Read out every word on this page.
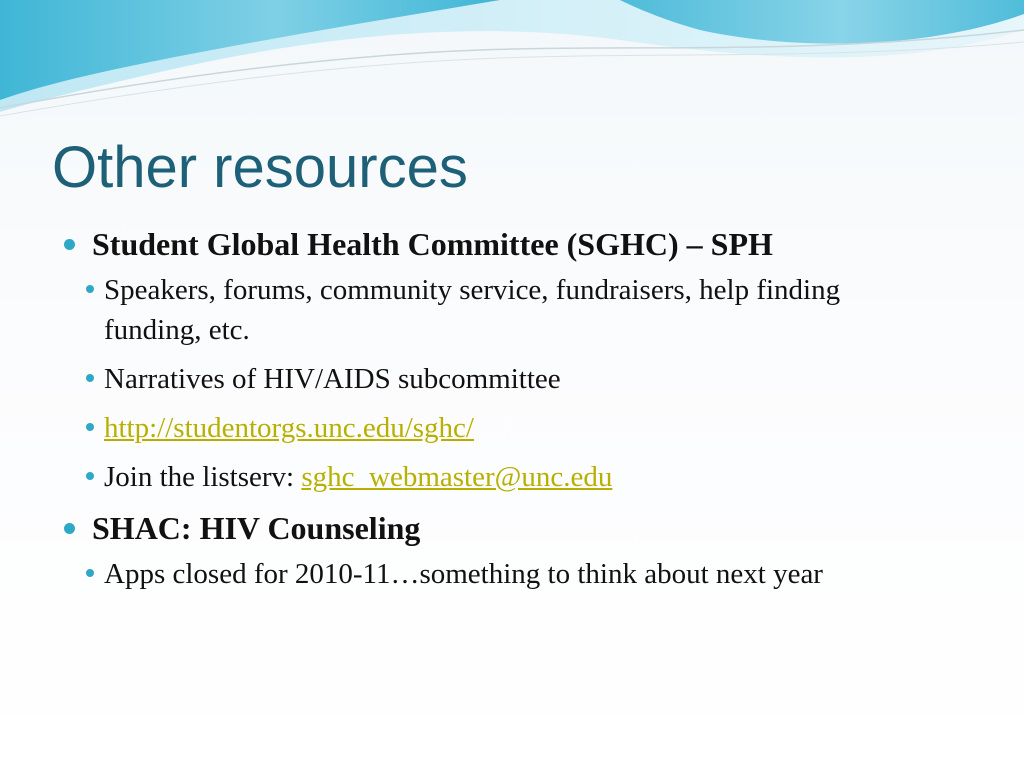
Other resources
Student Global Health Committee (SGHC) – SPH
Speakers, forums, community service, fundraisers, help finding funding, etc.
Narratives of HIV/AIDS subcommittee
http://studentorgs.unc.edu/sghc/
Join the listserv: sghc_webmaster@unc.edu
SHAC: HIV Counseling
Apps closed for 2010-11…something to think about next year
